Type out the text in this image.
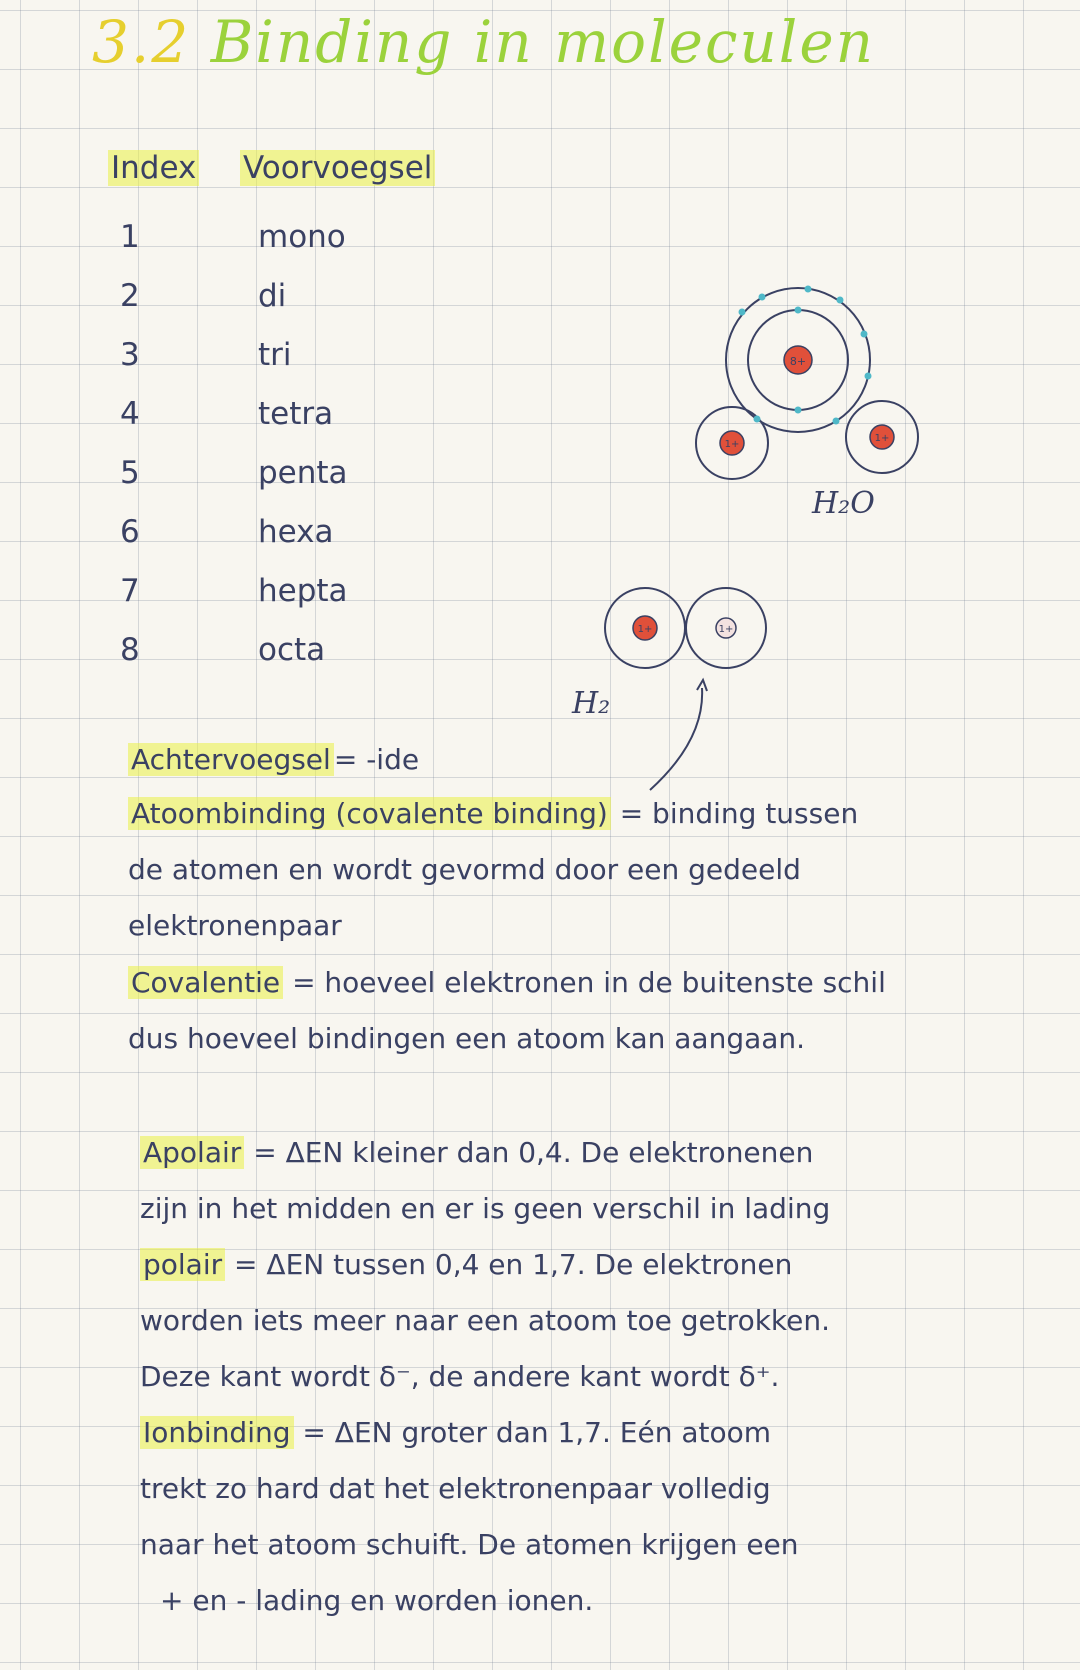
3.2 Binding in moleculen
Index Voorvoegsel
1
2
3
4
5
6
7
8
mono
di
tri
tetra
penta
hexa
hepta
octa
8+
1+
1+
1+	1+
H₂O
H₂
Achtervoegsel = -ide
Atoombinding (covalente binding) = binding tussen
de atomen en wordt gevormd door een gedeeld
elektronenpaar
Covalentie = hoeveel elektronen in de buitenste schil
dus hoeveel bindingen een atoom kan aangaan.
Apolair = ΔEN kleiner dan 0,4. De elektronenen
zijn in het midden en er is geen verschil in lading
polair = ΔEN tussen 0,4 en 1,7. De elektronen
worden iets meer naar een atoom toe getrokken.
Deze kant wordt δ⁻, de andere kant wordt δ⁺.
Ionbinding = ΔEN groter dan 1,7. Eén atoom
trekt zo hard dat het elektronenpaar volledig
naar het atoom schuift. De atomen krijgen een
+ en - lading en worden ionen.
